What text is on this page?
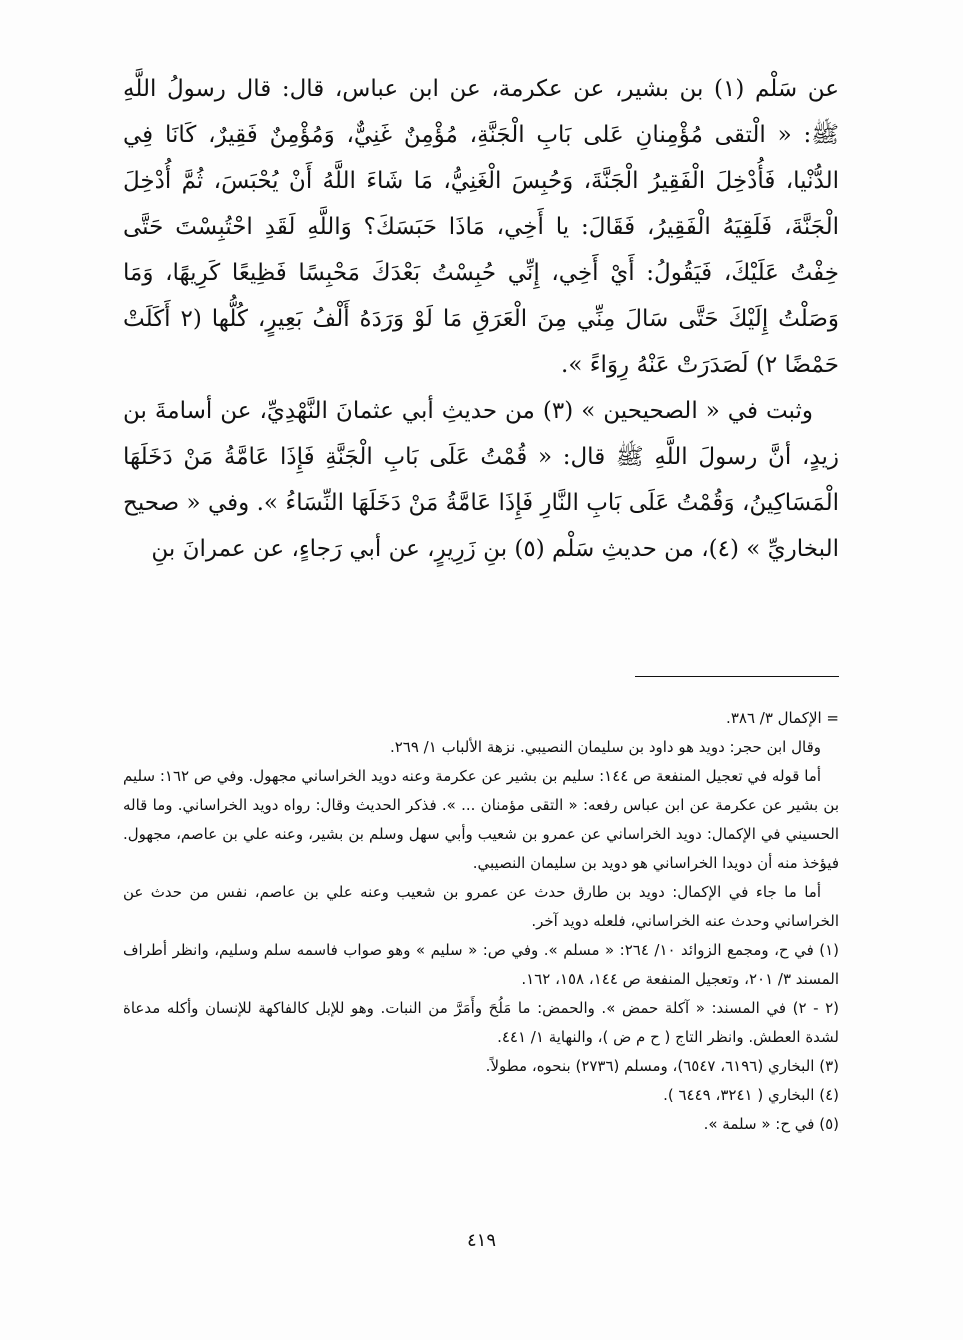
عن سَلْم (١) بن بشير، عن عكرمة، عن ابن عباس، قال: قال رسولُ اللَّهِ ﷺ: « الْتقى مُؤْمِنانِ عَلى بَابِ الْجَنَّةِ، مُؤْمِنٌ غَنِيٌّ، وَمُؤْمِنٌ فَقِيرٌ، كَانَا فِي الدُّنْيا، فَأُدْخِلَ الْفَقِيرُ الْجَنَّةَ، وَحُبِسَ الْغَنِيُّ، مَا شَاءَ اللَّهُ أَنْ يُحْبَسَ، ثُمَّ أُدْخِلَ الْجَنَّةَ، فَلَقِيَهُ الْفَقِيرُ، فَقَالَ: يا أَخِي، مَاذَا حَبَسَكَ؟ وَاللَّهِ لَقَدِ احْتُبِسْتَ حَتَّى خِفْتُ عَلَيْكَ، فَيَقُولُ: أَيْ أَخِي، إِنِّي حُبِسْتُ بَعْدَكَ مَحْبِسًا فَظِيعًا كَرِيهًا، وَمَا وَصَلْتُ إِلَيْكَ حَتَّى سَالَ مِنِّي مِنَ الْعَرَقِ مَا لَوْ وَرَدَهُ أَلْفُ بَعِيرٍ، كُلُّها (٢ أَكَلَتْ حَمْضًا ٢) لَصَدَرَتْ عَنْهُ رِوَاءً ».

وثبت في « الصحيحين » (٣) من حديثِ أبي عثمانَ النَّهْدِيِّ، عن أسامةَ بن زيدٍ، أنَّ رسولَ اللَّهِ ﷺ قال: « قُمْتُ عَلَى بَابِ الْجَنَّةِ فَإِذَا عَامَّةُ مَنْ دَخَلَهَا الْمَسَاكِينُ، وَقُمْتُ عَلَى بَابِ النَّارِ فَإِذَا عَامَّةُ مَنْ دَخَلَهَا النِّسَاءُ ». وفي « صحيح البخاريِّ » (٤)، من حديثِ سَلْم (٥) بنِ زَرِيرٍ، عن أبي رَجاءٍ، عن عمرانَ بنِ

= الإكمال ٣/ ٣٨٦.

وقال ابن حجر: دويد هو داود بن سليمان النصيبي. نزهة الألباب ١/ ٢٦٩.

أما قوله في تعجيل المنفعة ص ١٤٤: سليم بن بشير عن عكرمة وعنه دويد الخراساني مجهول. وفي ص ١٦٢: سليم بن بشير عن عكرمة عن ابن عباس رفعه: « التقى مؤمنان ... ». فذكر الحديث وقال: رواه دويد الخراساني. وما قاله الحسيني في الإكمال: دويد الخراساني عن عمرو بن شعيب وأبي سهل وسلم بن بشير، وعنه علي بن عاصم، مجهول. فيؤخذ منه أن دويدا الخراساني هو دويد بن سليمان النصيبي.

أما ما جاء في الإكمال: دويد بن طارق حدث عن عمرو بن شعيب وعنه علي بن عاصم، نفس من حدث عن الخراساني وحدث عنه الخراساني، فلعله دويد آخر.

(١) في ح، ومجمع الزوائد ١٠/ ٢٦٤: « مسلم ». وفي ص: « سليم » وهو صواب فاسمه سلم وسليم، وانظر أطراف المسند ٣/ ٢٠١، وتعجيل المنفعة ص ١٤٤، ١٥٨، ١٦٢.

(٢ - ٢) في المسند: « آكلة حمض ». والحمض: ما مَلُحَ وأَمَرَّ من النبات. وهو للإبل كالفاكهة للإنسان وأكله مدعاة لشدة العطش. وانظر التاج ( ح م ض )، والنهاية ١/ ٤٤١.

(٣) البخاري (٦١٩٦، ٦٥٤٧)، ومسلم (٢٧٣٦) بنحوه، مطولاً.

(٤) البخاري ( ٣٢٤١، ٦٤٤٩ ).

(٥) في ح: « سلمة ».

٤١٩
